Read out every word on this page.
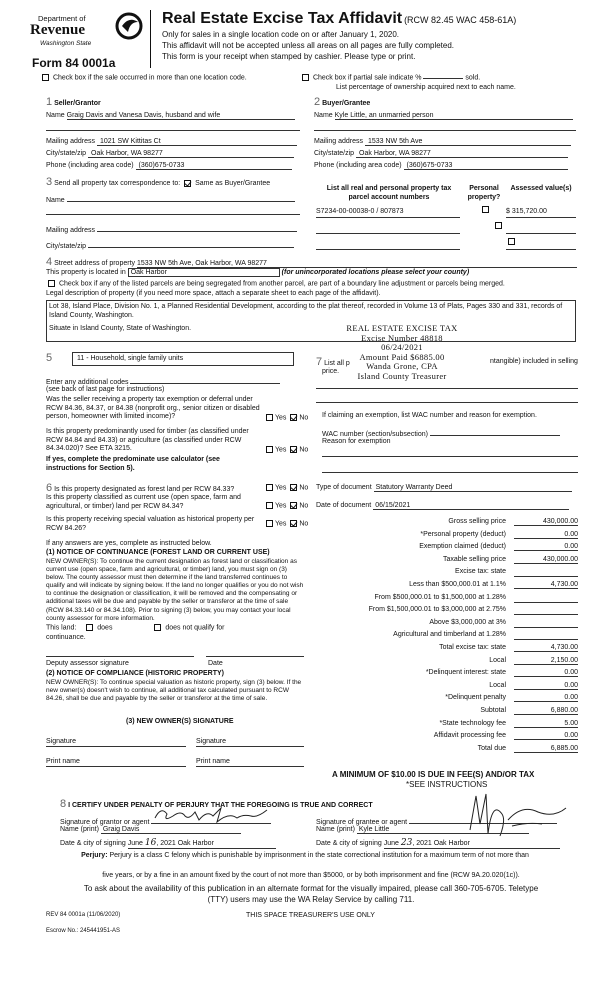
Department of
Revenue
Washington State
Form 84 0001a
Real Estate Excise Tax Affidavit (RCW 82.45 WAC 458-61A)
Only for sales in a single location code on or after January 1, 2020.
This affidavit will not be accepted unless all areas on all pages are fully completed.
This form is your receipt when stamped by cashier. Please type or print.
Check box if the sale occurred in more than one location code.	Check box if partial sale indicate %	sold.
List percentage of ownership acquired next to each name.
1 Seller/Grantor
Name Graig Davis and Vanesa Davis, husband and wife
Mailing address 1021 SW Kittitas Ct
City/state/zip Oak Harbor, WA 98277
Phone (including area code) (360)675-0733
2 Buyer/Grantee
Name Kyle Little, an unmarried person
Mailing address 1533 NW 5th Ave
City/state/zip Oak Harbor, WA 98277
Phone (including area code) (360)675-0733
3 Send all property tax correspondence to: Same as Buyer/Grantee
Name
Mailing address
City/state/zip
List all real and personal property tax parcel account numbers
Personal property?
Assessed value(s)
S7234-00-00038-0 / 807873
	$ 315,720.00

4 Street address of property 1533 NW 5th Ave, Oak Harbor, WA 98277
This property is located in Oak Harbor	(for unincorporated locations please select your county)
Check box if any of the listed parcels are being segregated from another parcel, are part of a boundary line adjustment or parcels being merged.
Legal description of property (if you need more space, attach a separate sheet to each page of the affidavit).
Lot 38, Island Place, Division No. 1, a Planned Residential Development, according to the plat thereof, recorded in Volume 13 of Plats, Pages 330 and 331, records of Island County, Washington.
Situate in Island County, State of Washington.	REAL ESTATE EXCISE TAX
Excise Number 48818
06/24/2021
Amount Paid $6885.00
Wanda Grone, CPA
Island County Treasurer
5	11 - Household, single family units
Enter any additional codes
(see back of last page for instructions)
Was the seller receiving a property tax exemption or deferral under RCW 84.36, 84.37, or 84.38 (nonprofit org., senior citizen or disabled person, homeowner with limited income)?	Yes No
Is this property predominantly used for timber (as classified under RCW 84.84 and 84.33) or agriculture (as classified under RCW 84.34.020)? See ETA 3215.	Yes No
If yes, complete the predominate use calculator (see instructions for Section 5).
7 List all p	ntangible) included in selling
price.
If claiming an exemption, list WAC number and reason for exemption.
WAC number (section/subsection)
Reason for exemption
6 Is this property designated as forest land per RCW 84.33?	Yes No
Is this property classified as current use (open space, farm and agricultural, or timber) land per RCW 84.34?	Yes No
Is this property receiving special valuation as historical property per RCW 84.26?
Yes No
If any answers are yes, complete as instructed below.
(1) NOTICE OF CONTINUANCE (FOREST LAND OR CURRENT USE)
NEW OWNER(S): To continue the current designation as forest land or classification as current use (open space, farm and agricultural, or timber) land, you must sign on (3) below. The county assessor must then determine if the land transferred continues to qualify and will indicate by signing below. If the land no longer qualifies or you do not wish to continue the designation or classification, it will be removed and the compensating or additional taxes will be due and payable by the seller or transferor at the time of sale (RCW 84.33.140 or 84.34.108). Prior to signing (3) below, you may contact your local county assessor for more information.
This land:	does	does not qualify for
continuance.
Deputy assessor signature	Date
(2) NOTICE OF COMPLIANCE (HISTORIC PROPERTY)
NEW OWNER(S): To continue special valuation as historic property, sign (3) below. If the new owner(s) doesn't wish to continue, all additional tax calculated pursuant to RCW 84.26, shall be due and payable by the seller or transferor at the time of sale.
(3) NEW OWNER(S) SIGNATURE
Signature	Signature
Print name	Print name
Type of document Statutory Warranty Deed
Date of document 06/15/2021
Gross selling price	430,000.00
*Personal property (deduct)	0.00
Exemption claimed (deduct)	0.00
Taxable selling price	430,000.00
Excise tax: state
Less than $500,000.01 at 1.1%	4,730.00
From $500,000.01 to $1,500,000 at 1.28%
From $1,500,000.01 to $3,000,000 at 2.75%
Above $3,000,000 at 3%
Agricultural and timberland at 1.28%
Total excise tax: state	4,730.00
Local	2,150.00
*Delinquent interest: state	0.00
Local	0.00
*Delinquent penalty	0.00
Subtotal	6,880.00
*State technology fee	5.00
Affidavit processing fee	0.00
Total due	6,885.00
A MINIMUM OF $10.00 IS DUE IN FEE(S) AND/OR TAX
*SEE INSTRUCTIONS
8 I CERTIFY UNDER PENALTY OF PERJURY THAT THE FOREGOING IS TRUE AND CORRECT
Signature of grantor or agent
Name (print) Graig Davis
Date & city of signing June 16, 2021 Oak Harbor
Signature of grantee or agent
Name (print) Kyle Little
Date & city of signing June 23, 2021 Oak Harbor
Perjury: Perjury is a class C felony which is punishable by imprisonment in the state correctional institution for a maximum term of not more than
five years, or by a fine in an amount fixed by the court of not more than $5000, or by both imprisonment and fine (RCW 9A.20.020(1c)).
To ask about the availability of this publication in an alternate format for the visually impaired, please call 360-705-6705. Teletype
(TTY) users may use the WA Relay Service by calling 711.
REV 84 0001a (11/06/2020)	THIS SPACE TREASURER'S USE ONLY
Escrow No.: 245441951-AS
